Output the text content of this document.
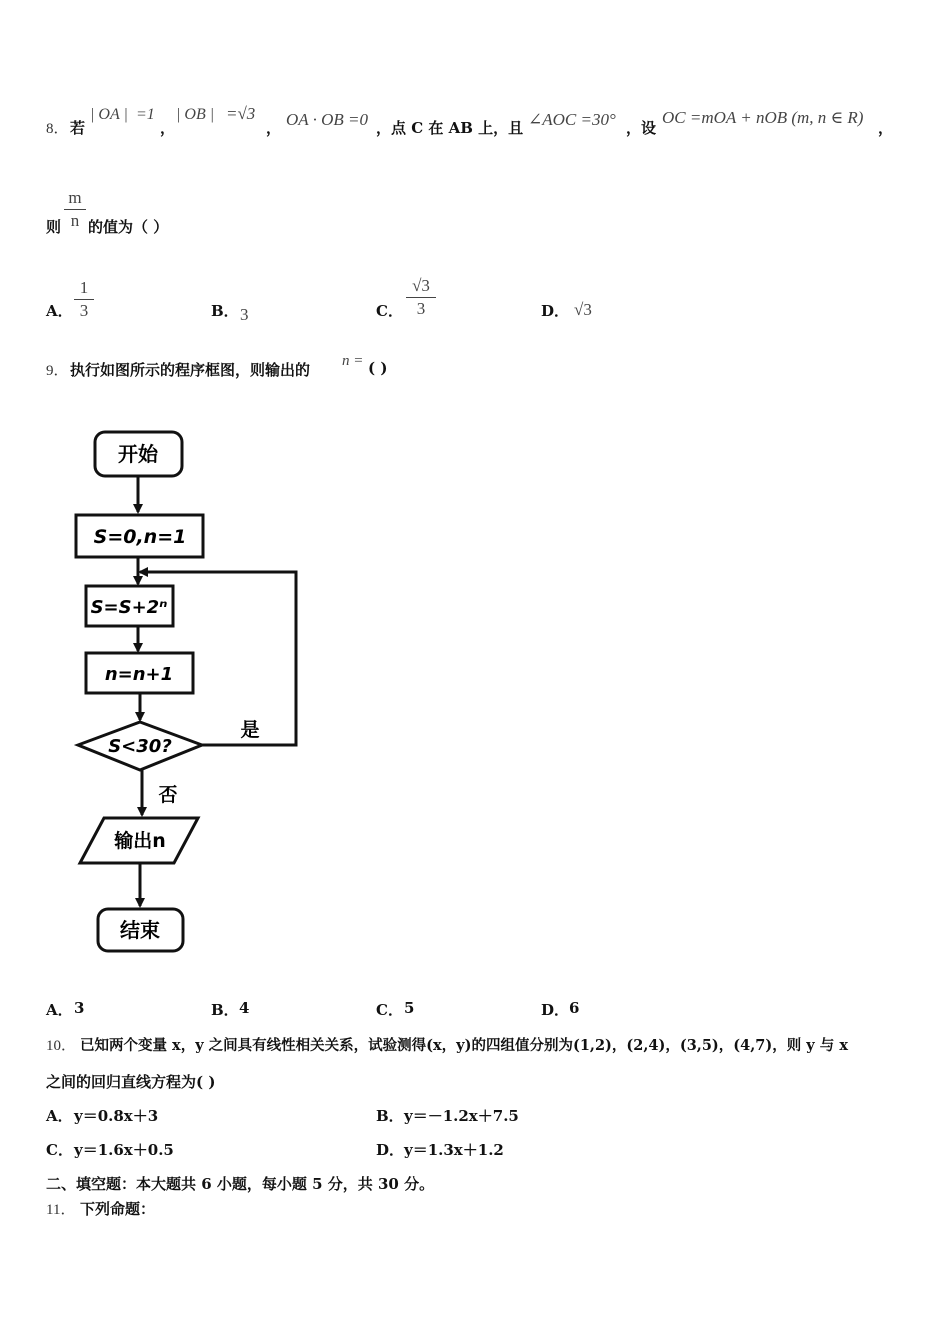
8． 若
| OA | =1
，
| OB | =√3
， OA · OB =0 ，点 C 在 AB 上，且 ∠AOC =30° ，设
OC =mOA + nOB (m, n ∈ R)
，
则
m
n 的值为（ ）
A．
1
3	B． 3	C．
√3
3	D． √3
9． 执行如图所示的程序框图，则输出的 n = ( )
开始
S=0,n=1
S=S+2ⁿ
n=n+1
S<30?
是
否
输出n
结束
A． 3	B． 4	C． 5	D． 6
10． 已知两个变量 x，y 之间具有线性相关关系，试验测得(x，y)的四组值分别为(1,2)，(2,4)，(3,5)，(4,7)，则 y 与 x
之间的回归直线方程为( )
A． y＝0.8x＋3	B． y＝－1.2x＋7.5
C． y＝1.6x＋0.5	D． y＝1.3x＋1.2
二、填空题：本大题共 6 小题，每小题 5 分，共 30 分。
11． 下列命题：
